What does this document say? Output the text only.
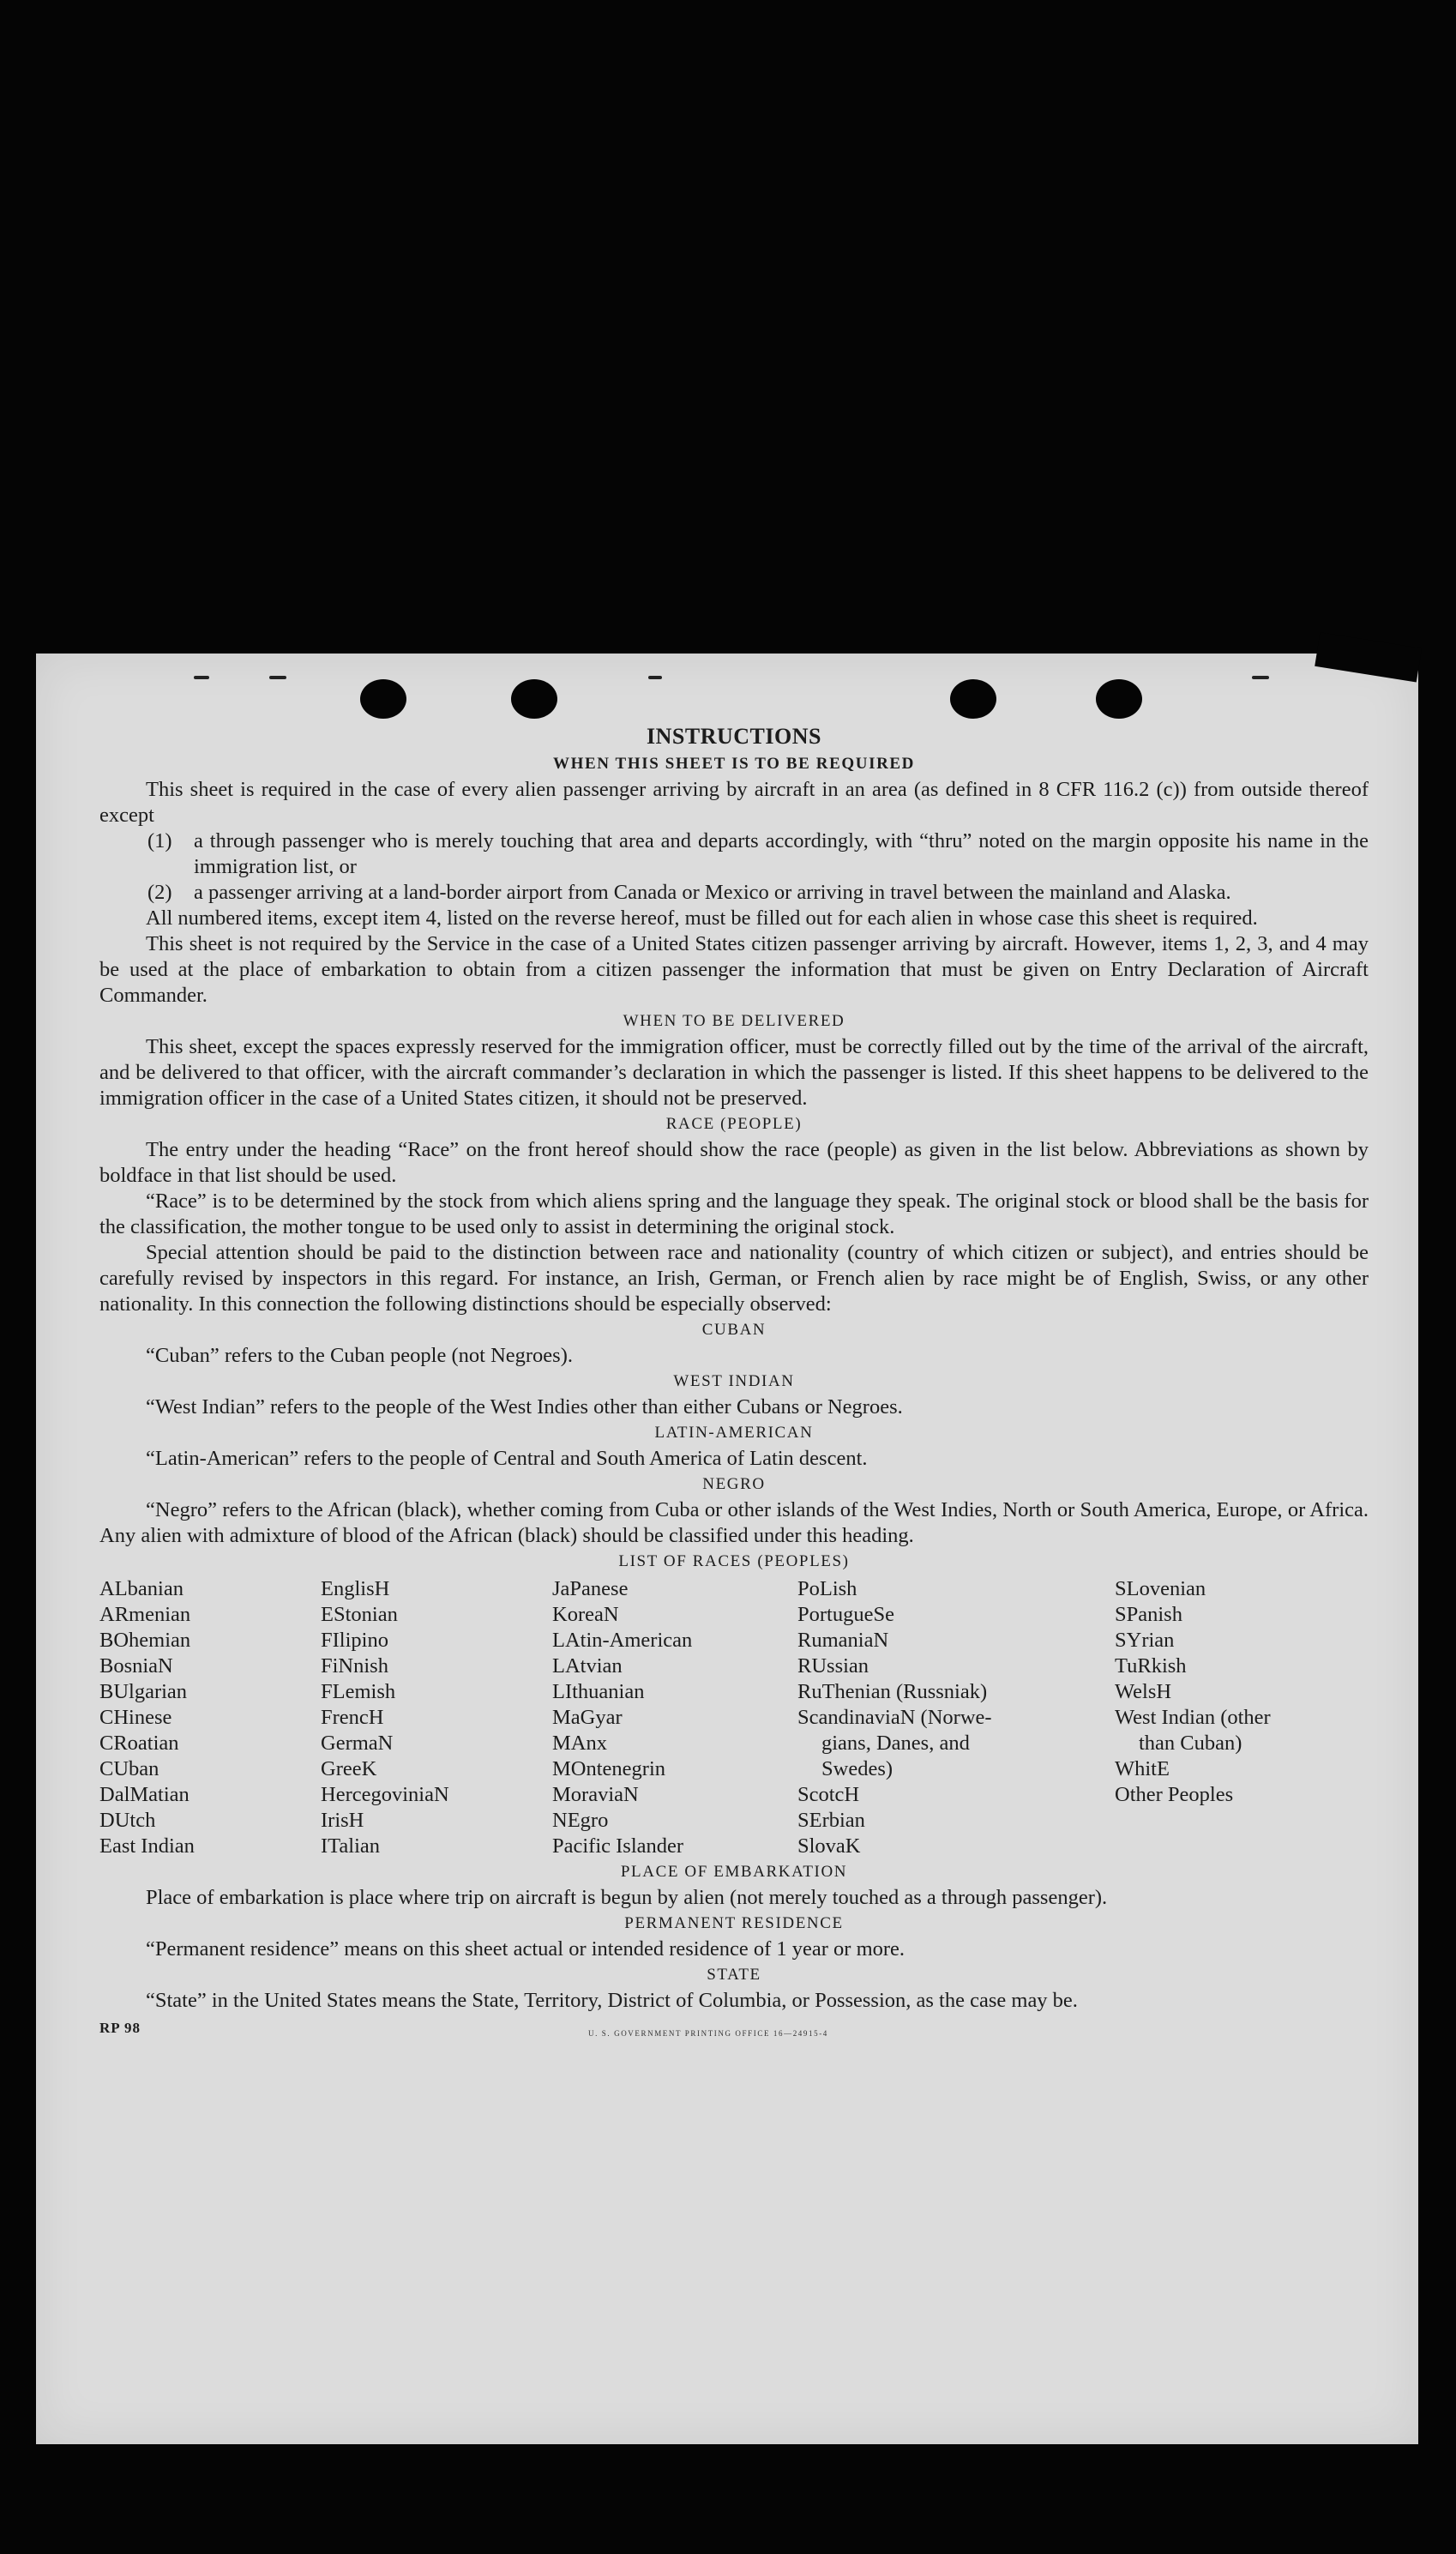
INSTRUCTIONS
WHEN THIS SHEET IS TO BE REQUIRED

This sheet is required in the case of every alien passenger arriving by aircraft in an area (as defined in 8 CFR 116.2 (c)) from outside thereof except

(1)	a through passenger who is merely touching that area and departs accordingly, with “thru” noted on the margin opposite his name in the immigration list, or
(2)	a passenger arriving at a land-border airport from Canada or Mexico or arriving in travel between the mainland and Alaska.

All numbered items, except item 4, listed on the reverse hereof, must be filled out for each alien in whose case this sheet is required.

This sheet is not required by the Service in the case of a United States citizen passenger arriving by aircraft. However, items 1, 2, 3, and 4 may be used at the place of embarkation to obtain from a citizen passenger the information that must be given on Entry Declaration of Aircraft Commander.

WHEN TO BE DELIVERED

This sheet, except the spaces expressly reserved for the immigration officer, must be correctly filled out by the time of the arrival of the aircraft, and be delivered to that officer, with the aircraft commander’s declaration in which the passenger is listed. If this sheet happens to be delivered to the immigration officer in the case of a United States citizen, it should not be preserved.

RACE (PEOPLE)

The entry under the heading “Race” on the front hereof should show the race (people) as given in the list below. Abbreviations as shown by boldface in that list should be used.

“Race” is to be determined by the stock from which aliens spring and the language they speak. The original stock or blood shall be the basis for the classification, the mother tongue to be used only to assist in determining the original stock.

Special attention should be paid to the distinction between race and nationality (country of which citizen or subject), and entries should be carefully revised by inspectors in this regard. For instance, an Irish, German, or French alien by race might be of English, Swiss, or any other nationality. In this connection the following distinctions should be especially observed:

CUBAN

“Cuban” refers to the Cuban people (not Negroes).

WEST INDIAN

“West Indian” refers to the people of the West Indies other than either Cubans or Negroes.

LATIN-AMERICAN

“Latin-American” refers to the people of Central and South America of Latin descent.

NEGRO

“Negro” refers to the African (black), whether coming from Cuba or other islands of the West Indies, North or South America, Europe, or Africa. Any alien with admixture of blood of the African (black) should be classified under this heading.

LIST OF RACES (PEOPLES)
ALbanian
ARmenian
BOhemian
BosniaN
BUlgarian
CHinese
CRoatian
CUban
DalMatian
DUtch
East Indian
EnglisH
EStonian
FIlipino
FiNnish
FLemish
FrencH
GermaN
GreeK
HercegoviniaN
IrisH
ITalian
JaPanese
KoreaN
LAtin-American
LAtvian
LIthuanian
MaGyar
MAnx
MOntenegrin
MoraviaN
NEgro
Pacific Islander
PoLish
PortugueSe
RumaniaN
RUssian
RuThenian (Russniak)
ScandinaviaN (Norwe-
gians, Danes, and
Swedes)
ScotcH
SErbian
SlovaK
SLovenian
SPanish
SYrian
TuRkish
WelsH
West Indian (other
than Cuban)
WhitE
Other Peoples
PLACE OF EMBARKATION

Place of embarkation is place where trip on aircraft is begun by alien (not merely touched as a through passenger).

PERMANENT RESIDENCE

“Permanent residence” means on this sheet actual or intended residence of 1 year or more.

STATE

“State” in the United States means the State, Territory, District of Columbia, or Possession, as the case may be.

RP 98	U. S. GOVERNMENT PRINTING OFFICE 16—24915-4
